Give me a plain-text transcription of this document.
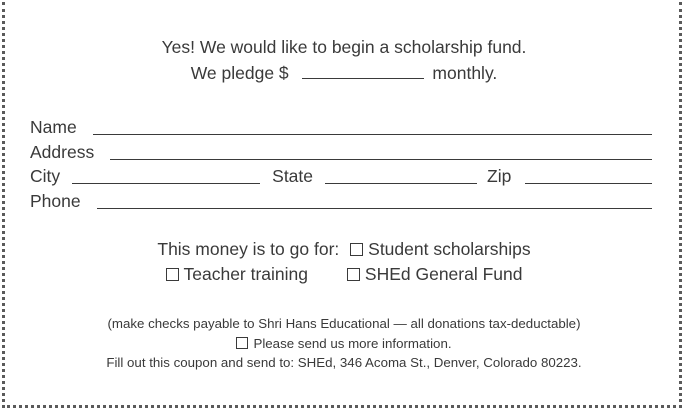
Yes! We would like to begin a scholarship fund.
We pledge $	monthly.
Name
Address
City	State	Zip
Phone
This money is to go for: Student scholarships
Teacher training	SHEd General Fund
(make checks payable to Shri Hans Educational — all donations tax-deductable)
Please send us more information.
Fill out this coupon and send to: SHEd, 346 Acoma St., Denver, Colorado 80223.
